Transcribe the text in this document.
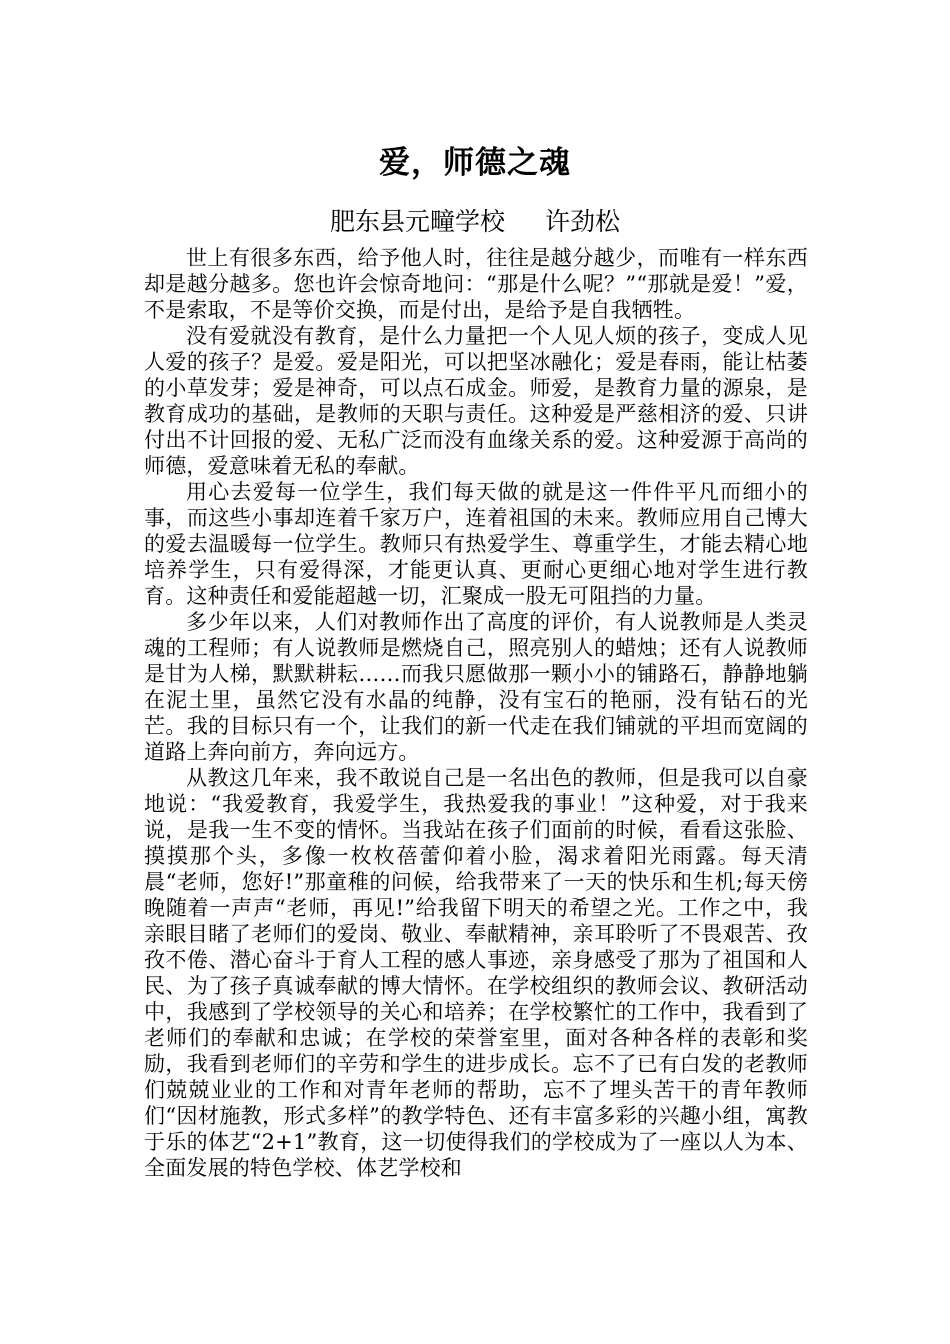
爱，师德之魂
肥东县元疃学校 许劲松

世上有很多东西，给予他人时，往往是越分越少，而唯有一样东西却是越分越多。您也许会惊奇地问：“那是什么呢？”“那就是爱！”爱，不是索取，不是等价交换，而是付出，是给予是自我牺牲。

没有爱就没有教育，是什么力量把一个人见人烦的孩子，变成人见人爱的孩子？是爱。爱是阳光，可以把坚冰融化；爱是春雨，能让枯萎的小草发芽；爱是神奇，可以点石成金。师爱，是教育力量的源泉，是教育成功的基础，是教师的天职与责任。这种爱是严慈相济的爱、只讲付出不计回报的爱、无私广泛而没有血缘关系的爱。这种爱源于高尚的师德，爱意味着无私的奉献。

用心去爱每一位学生，我们每天做的就是这一件件平凡而细小的事，而这些小事却连着千家万户，连着祖国的未来。教师应用自己博大的爱去温暖每一位学生。教师只有热爱学生、尊重学生，才能去精心地培养学生，只有爱得深，才能更认真、更耐心更细心地对学生进行教育。这种责任和爱能超越一切，汇聚成一股无可阻挡的力量。

多少年以来，人们对教师作出了高度的评价，有人说教师是人类灵魂的工程师；有人说教师是燃烧自己，照亮别人的蜡烛；还有人说教师是甘为人梯，默默耕耘……而我只愿做那一颗小小的铺路石，静静地躺在泥土里，虽然它没有水晶的纯静，没有宝石的艳丽，没有钻石的光芒。我的目标只有一个，让我们的新一代走在我们铺就的平坦而宽阔的道路上奔向前方，奔向远方。

从教这几年来，我不敢说自己是一名出色的教师，但是我可以自豪地说：“我爱教育，我爱学生，我热爱我的事业！”这种爱，对于我来说，是我一生不变的情怀。当我站在孩子们面前的时候，看看这张脸、摸摸那个头，多像一枚枚蓓蕾仰着小脸，渴求着阳光雨露。每天清晨“老师，您好!”那童稚的问候，给我带来了一天的快乐和生机;每天傍晚随着一声声“老师，再见!”给我留下明天的希望之光。工作之中，我亲眼目睹了老师们的爱岗、敬业、奉献精神，亲耳聆听了不畏艰苦、孜孜不倦、潜心奋斗于育人工程的感人事迹，亲身感受了那为了祖国和人民、为了孩子真诚奉献的博大情怀。在学校组织的教师会议、教研活动中，我感到了学校领导的关心和培养；在学校繁忙的工作中，我看到了老师们的奉献和忠诚；在学校的荣誉室里，面对各种各样的表彰和奖励，我看到老师们的辛劳和学生的进步成长。忘不了已有白发的老教师们兢兢业业的工作和对青年老师的帮助，忘不了埋头苦干的青年教师们“因材施教，形式多样”的教学特色、还有丰富多彩的兴趣小组，寓教于乐的体艺“2+1”教育，这一切使得我们的学校成为了一座以人为本、全面发展的特色学校、体艺学校和
